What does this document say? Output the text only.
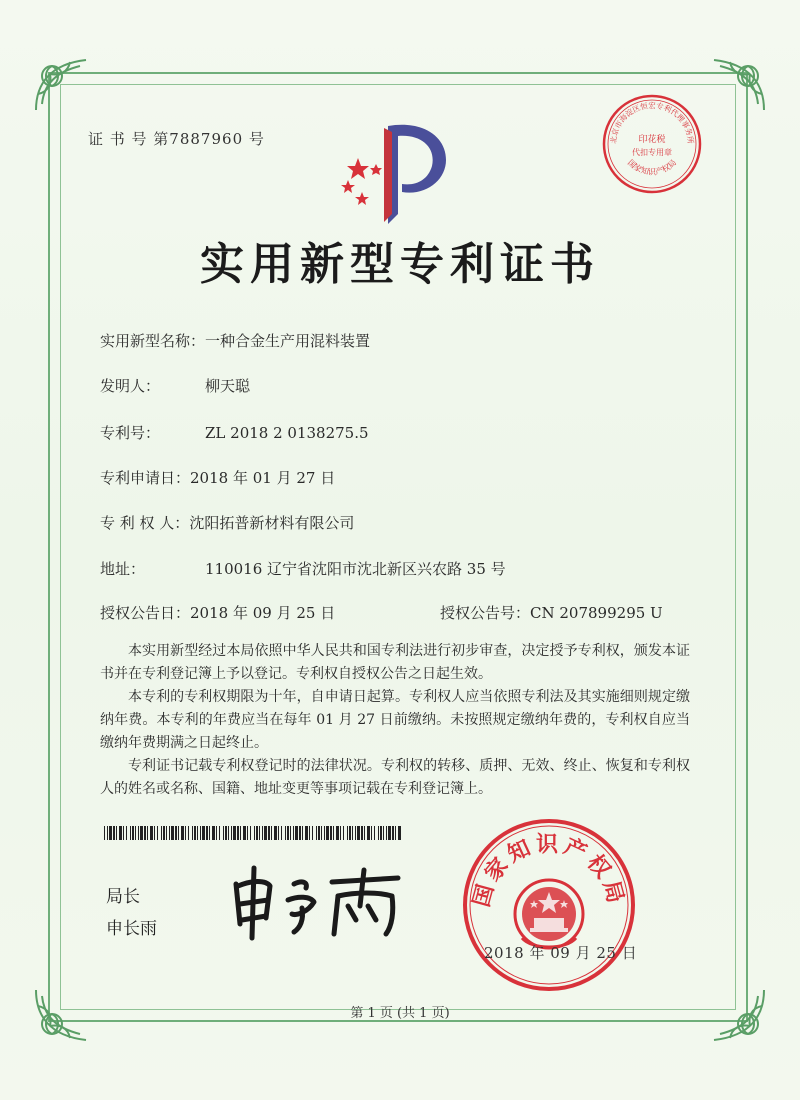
证 书 号 第7887960 号	印花税
代扣专用章
北京市海淀区恒宏专利代理事务所
国家知识产权局
实用新型专利证书
实用新型名称：一种合金生产用混料装置
发明人：	柳天聪
专利号：	ZL 2018 2 0138275.5
专利申请日：2018 年 01 月 27 日
专 利 权 人：沈阳拓普新材料有限公司
地址：	110016 辽宁省沈阳市沈北新区兴农路 35 号
授权公告日：2018 年 09 月 25 日	授权公告号：CN 207899295 U

本实用新型经过本局依照中华人民共和国专利法进行初步审查，决定授予专利权，颁发本证书并在专利登记簿上予以登记。专利权自授权公告之日起生效。

本专利的专利权期限为十年，自申请日起算。专利权人应当依照专利法及其实施细则规定缴纳年费。本专利的年费应当在每年 01 月 27 日前缴纳。未按照规定缴纳年费的，专利权自应当缴纳年费期满之日起终止。

专利证书记载专利权登记时的法律状况。专利权的转移、质押、无效、终止、恢复和专利权人的姓名或名称、国籍、地址变更等事项记载在专利登记簿上。

局长
申长雨
国家知识产权局
2018 年 09 月 25 日
第 1 页 (共 1 页)
